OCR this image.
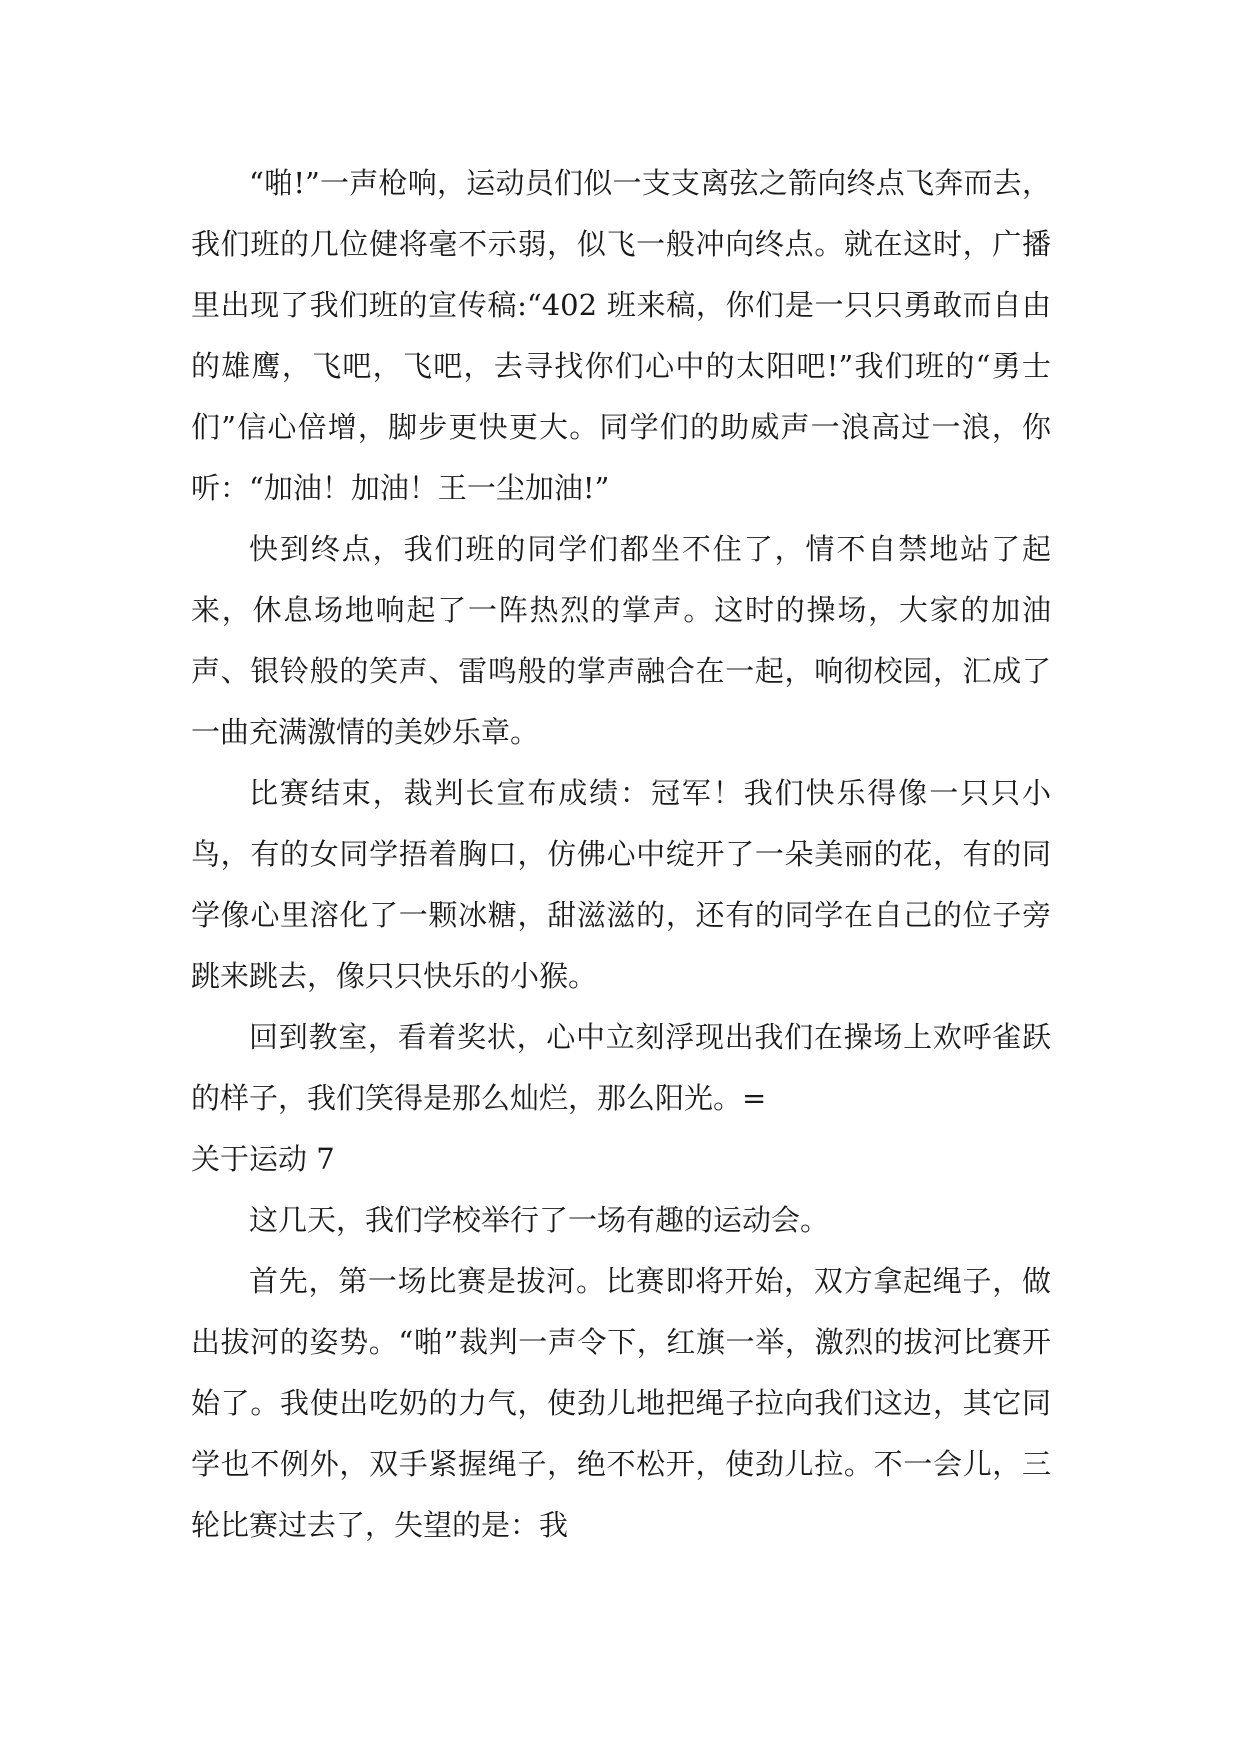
“啪!”一声枪响，运动员们似一支支离弦之箭向终点飞奔而去，我们班的几位健将毫不示弱，似飞一般冲向终点。就在这时，广播里出现了我们班的宣传稿:“402 班来稿，你们是一只只勇敢而自由的雄鹰，飞吧，飞吧，去寻找你们心中的太阳吧!”我们班的“勇士们”信心倍增，脚步更快更大。同学们的助威声一浪高过一浪，你听：“加油！加油！王一尘加油!”

快到终点，我们班的同学们都坐不住了，情不自禁地站了起来，休息场地响起了一阵热烈的掌声。这时的操场，大家的加油声、银铃般的笑声、雷鸣般的掌声融合在一起，响彻校园，汇成了一曲充满激情的美妙乐章。

比赛结束，裁判长宣布成绩：冠军！我们快乐得像一只只小鸟，有的女同学捂着胸口，仿佛心中绽开了一朵美丽的花，有的同学像心里溶化了一颗冰糖，甜滋滋的，还有的同学在自己的位子旁跳来跳去，像只只快乐的小猴。

回到教室，看着奖状，心中立刻浮现出我们在操场上欢呼雀跃的样子，我们笑得是那么灿烂，那么阳光。=

关于运动 7

这几天，我们学校举行了一场有趣的运动会。

首先，第一场比赛是拔河。比赛即将开始，双方拿起绳子，做出拔河的姿势。“啪”裁判一声令下，红旗一举，激烈的拔河比赛开始了。我使出吃奶的力气，使劲儿地把绳子拉向我们这边，其它同学也不例外，双手紧握绳子，绝不松开，使劲儿拉。不一会儿，三轮比赛过去了，失望的是：我
